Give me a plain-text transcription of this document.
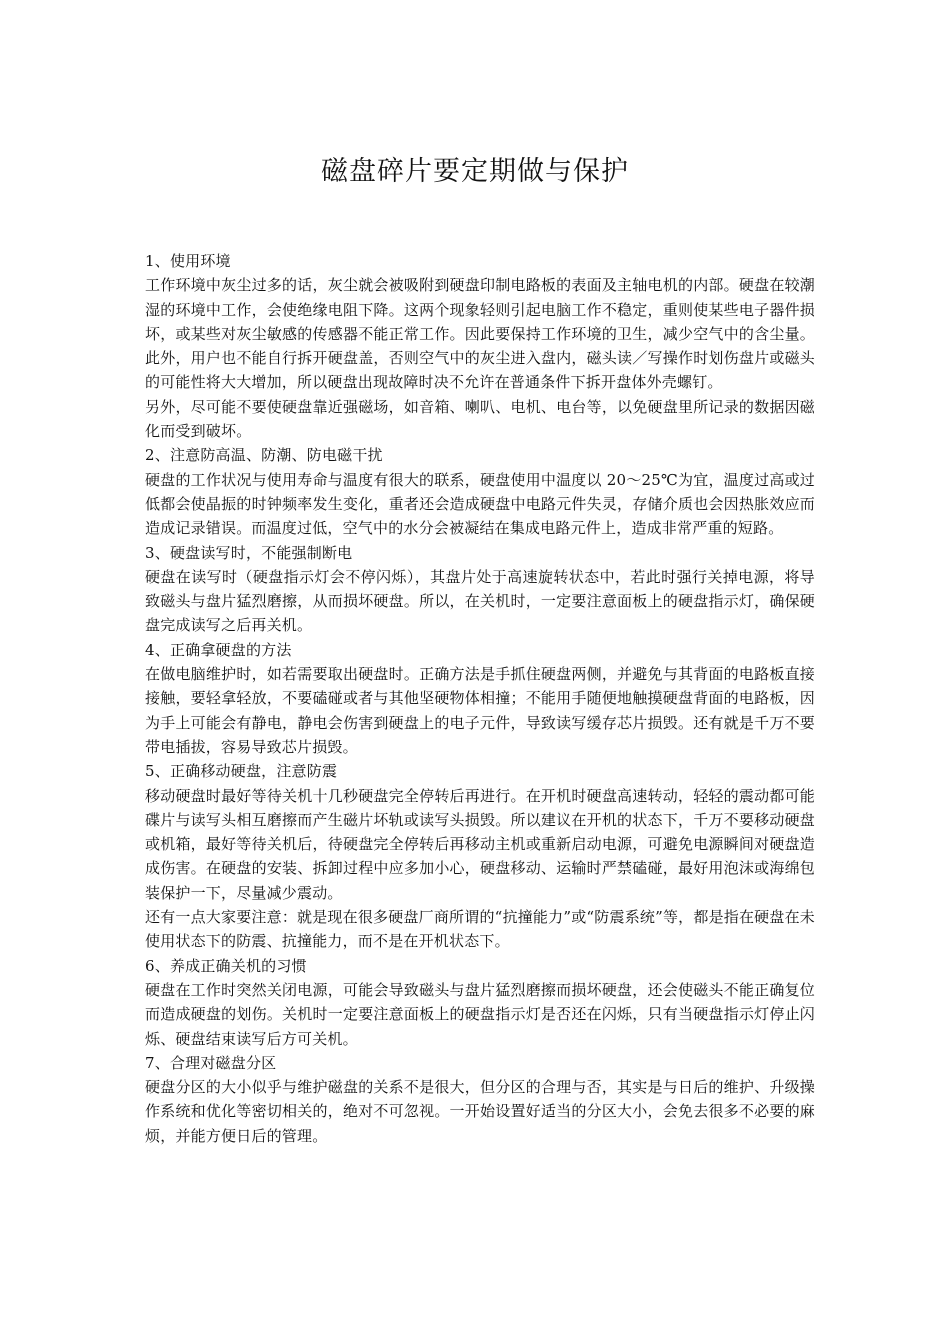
磁盘碎片要定期做与保护

1、使用环境

工作环境中灰尘过多的话，灰尘就会被吸附到硬盘印制电路板的表面及主轴电机的内部。硬盘在较潮湿的环境中工作，会使绝缘电阻下降。这两个现象轻则引起电脑工作不稳定，重则使某些电子器件损坏，或某些对灰尘敏感的传感器不能正常工作。因此要保持工作环境的卫生，减少空气中的含尘量。此外，用户也不能自行拆开硬盘盖，否则空气中的灰尘进入盘内，磁头读／写操作时划伤盘片或磁头的可能性将大大增加，所以硬盘出现故障时决不允许在普通条件下拆开盘体外壳螺钉。

另外，尽可能不要使硬盘靠近强磁场，如音箱、喇叭、电机、电台等，以免硬盘里所记录的数据因磁化而受到破坏。

2、注意防高温、防潮、防电磁干扰

硬盘的工作状况与使用寿命与温度有很大的联系，硬盘使用中温度以 20～25℃为宜，温度过高或过低都会使晶振的时钟频率发生变化，重者还会造成硬盘中电路元件失灵，存储介质也会因热胀效应而造成记录错误。而温度过低，空气中的水分会被凝结在集成电路元件上，造成非常严重的短路。

3、硬盘读写时，不能强制断电

硬盘在读写时（硬盘指示灯会不停闪烁），其盘片处于高速旋转状态中，若此时强行关掉电源，将导致磁头与盘片猛烈磨擦，从而损坏硬盘。所以，在关机时，一定要注意面板上的硬盘指示灯，确保硬盘完成读写之后再关机。

4、正确拿硬盘的方法

在做电脑维护时，如若需要取出硬盘时。正确方法是手抓住硬盘两侧，并避免与其背面的电路板直接接触，要轻拿轻放，不要磕碰或者与其他坚硬物体相撞；不能用手随便地触摸硬盘背面的电路板，因为手上可能会有静电，静电会伤害到硬盘上的电子元件，导致读写缓存芯片损毁。还有就是千万不要带电插拔，容易导致芯片损毁。

5、正确移动硬盘，注意防震

移动硬盘时最好等待关机十几秒硬盘完全停转后再进行。在开机时硬盘高速转动，轻轻的震动都可能碟片与读写头相互磨擦而产生磁片坏轨或读写头损毁。所以建议在开机的状态下，千万不要移动硬盘或机箱，最好等待关机后，待硬盘完全停转后再移动主机或重新启动电源，可避免电源瞬间对硬盘造成伤害。在硬盘的安装、拆卸过程中应多加小心，硬盘移动、运输时严禁磕碰，最好用泡沫或海绵包装保护一下，尽量减少震动。

还有一点大家要注意：就是现在很多硬盘厂商所谓的“抗撞能力”或“防震系统”等，都是指在硬盘在未使用状态下的防震、抗撞能力，而不是在开机状态下。

6、养成正确关机的习惯

硬盘在工作时突然关闭电源，可能会导致磁头与盘片猛烈磨擦而损坏硬盘，还会使磁头不能正确复位而造成硬盘的划伤。关机时一定要注意面板上的硬盘指示灯是否还在闪烁，只有当硬盘指示灯停止闪烁、硬盘结束读写后方可关机。

7、合理对磁盘分区

硬盘分区的大小似乎与维护磁盘的关系不是很大，但分区的合理与否，其实是与日后的维护、升级操作系统和优化等密切相关的，绝对不可忽视。一开始设置好适当的分区大小，会免去很多不必要的麻烦，并能方便日后的管理。
